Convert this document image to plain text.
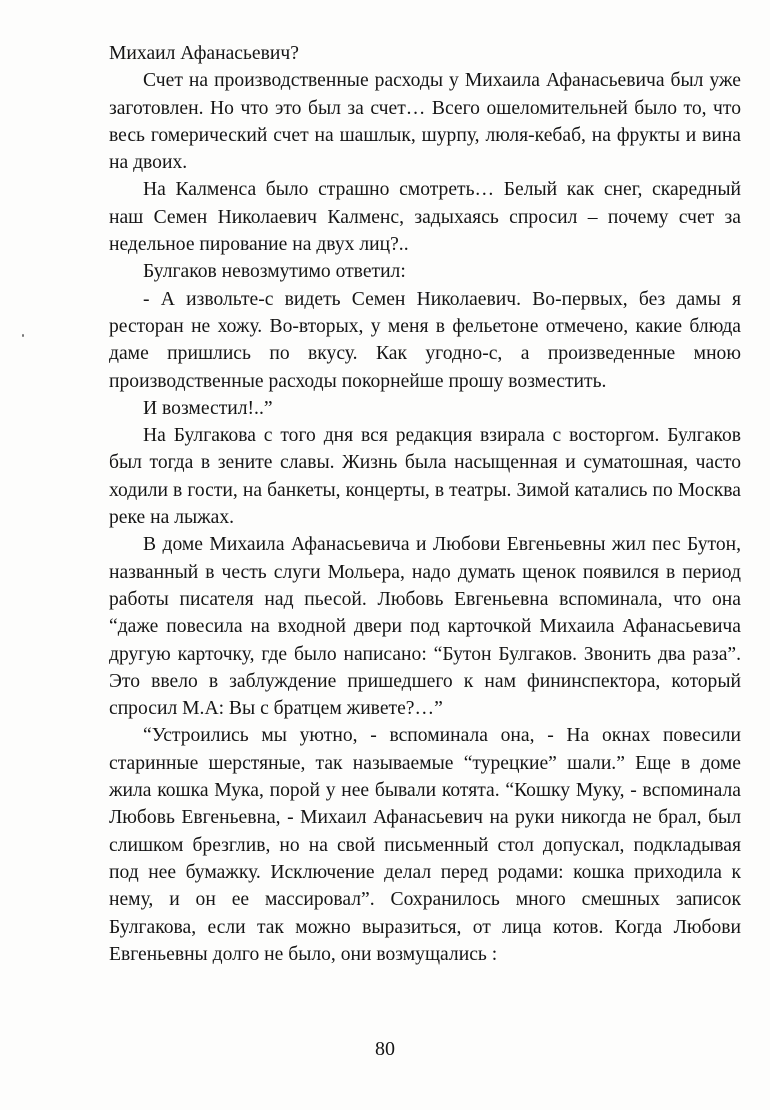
Михаил Афанасьевич?

Счет на производственные расходы у Михаила Афанасьевича был уже заготовлен. Но что это был за счет… Всего ошеломительней было то, что весь гомерический счет на шашлык, шурпу, люля-кебаб, на фрукты и вина на двоих.

На Калменса было страшно смотреть… Белый как снег, скаредный наш Семен Николаевич Калменс, задыхаясь спросил – почему счет за недельное пирование на двух лиц?..

Булгаков невозмутимо ответил:

- А извольте-с видеть Семен Николаевич. Во-первых, без дамы я ресторан не хожу. Во-вторых, у меня в фельетоне отмечено, какие блюда даме пришлись по вкусу. Как угодно-с, а произведенные мною производственные расходы покорнейше прошу возместить.

И возместил!..”

На Булгакова с того дня вся редакция взирала с восторгом. Булгаков был тогда в зените славы. Жизнь была насыщенная и суматошная, часто ходили в гости, на банкеты, концерты, в театры. Зимой катались по Москва реке на лыжах.

В доме Михаила Афанасьевича и Любови Евгеньевны жил пес Бутон, названный в честь слуги Мольера, надо думать щенок появился в период работы писателя над пьесой. Любовь Евгеньевна вспоминала, что она “даже повесила на входной двери под карточкой Михаила Афанасьевича другую карточку, где было написано: “Бутон Булгаков. Звонить два раза”. Это ввело в заблуждение пришедшего к нам фининспектора, который спросил М.А: Вы с братцем живете?…”

“Устроились мы уютно, - вспоминала она, - На окнах повесили старинные шерстяные, так называемые “турецкие” шали.” Еще в доме жила кошка Мука, порой у нее бывали котята. “Кошку Муку, - вспоминала Любовь Евгеньевна, - Михаил Афанасьевич на руки никогда не брал, был слишком брезглив, но на свой письменный стол допускал, подкладывая под нее бумажку. Исключение делал перед родами: кошка приходила к нему, и он ее массировал”. Сохранилось много смешных записок Булгакова, если так можно выразиться, от лица котов. Когда Любови Евгеньевны долго не было, они возмущались :

80
